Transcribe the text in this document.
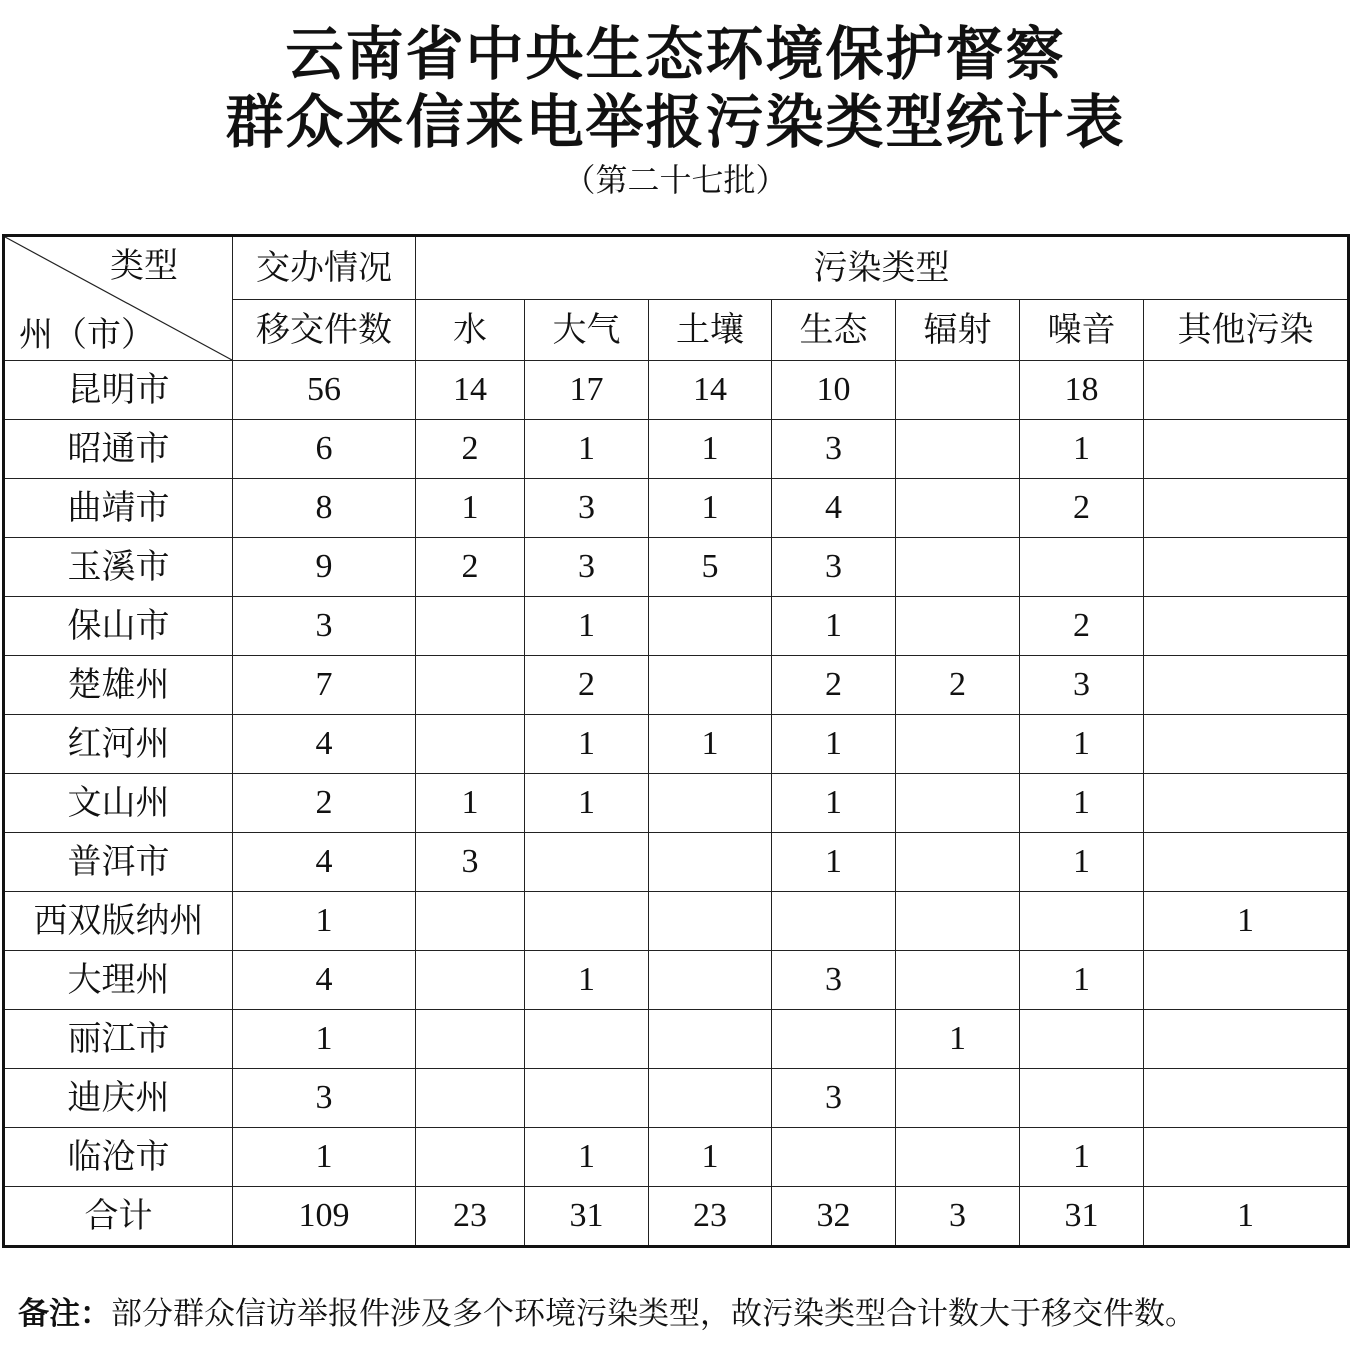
云南省中央生态环境保护督察
群众来信来电举报污染类型统计表
（第二十七批）
类型
州（市）	交办情况	污染类型						
	移交件数	水	大气	土壤	生态	辐射	噪音	其他污染
昆明市	56	14	17	14	10		18	
昭通市	6	2	1	1	3		1	
曲靖市	8	1	3	1	4		2	
玉溪市	9	2	3	5	3			
保山市	3		1		1		2	
楚雄州	7		2		2	2	3	
红河州	4		1	1	1		1	
文山州	2	1	1		1		1	
普洱市	4	3			1		1	
西双版纳州	1							1
大理州	4		1		3		1	
丽江市	1					1		
迪庆州	3				3			
临沧市	1		1	1			1	
合计	109	23	31	23	32	3	31	1
备注：部分群众信访举报件涉及多个环境污染类型，故污染类型合计数大于移交件数。
